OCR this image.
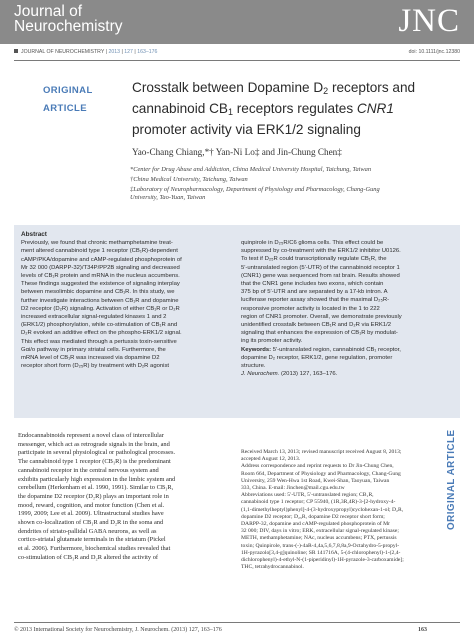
Journal of
Neurochemistry	JNC
JOURNAL OF NEUROCHEMISTRY | 2013 | 127 | 163–176	doi: 10.1111/jnc.12380
ORIGINAL
ARTICLE
Crosstalk between Dopamine $D_2$ receptors and
cannabinoid $CB_1$ receptors regulates CNR1
promoter activity via ERK1/2 signaling
Yao-Chang Chiang,*† Yan-Ni Lo‡ and Jin-Chung Chen‡
*Center for Drug Abuse and Addiction, China Medical University Hospital, Taichung, Taiwan
†China Medical University, Taichung, Taiwan
‡Laboratory of Neuropharmacology, Department of Physiology and Pharmacology, Chang-Gung
University, Tao-Yuan, Taiwan
Abstract
Previously, we found that chronic methamphetamine treat-
ment altered cannabinoid type 1 receptor (CB₁R)-dependent
cAMP/PKA/dopamine and cAMP-regulated phosphoprotein of
Mr 32 000 (DARPP-32)/T34P/PP2B signaling and decreased
levels of CB₁R protein and mRNA in the nucleus accumbens.
These findings suggested the existence of signaling interplay
between mesolimbic dopamine and CB₁R. In this study, we
further investigate interactions between CB₁R and dopamine
D2 receptor (D₂R) signaling. Activation of either CB₁R or D₂R
increased extracellular signal-regulated kinases 1 and 2
(ERK1/2) phosphorylation, while co-stimulation of CB₁R and
D₂R evoked an additive effect on the phospho-ERK1/2 signal.
This effect was mediated through a pertussis toxin-sensitive
Gαi/o pathway in primary striatal cells. Furthermore, the
mRNA level of CB₁R was increased via dopamine D2
receptor short form (D₂₅R) by treatment with D₂R agonist
quinpirole in D₂₅R/C6 glioma cells. This effect could be
suppressed by co-treatment with the ERK1/2 inhibitor U0126.
To test if D₂₅R could transcriptionally regulate CB₁R, the
5′-untranslated region (5′-UTR) of the cannabinoid receptor 1
(CNR1) gene was sequenced from rat brain. Results showed
that the CNR1 gene includes two exons, which contain
375 bp of 5′-UTR and are separated by a 17-kb intron. A
luciferase reporter assay showed that the maximal D₂₅R-
responsive promoter activity is located in the 1 to 222
region of CNR1 promoter. Overall, we demonstrate previously
unidentified crosstalk between CB₁R and D₂R via ERK1/2
signaling that enhances the expression of CB₁R by modulat-
ing its promoter activity.
Keywords: 5′-untranslated region, cannabinoid CB₁ receptor,
dopamine D₂ receptor, ERK1/2, gene regulation, promoter
structure.
J. Neurochem. (2013) 127, 163–176.
Endocannabinoids represent a novel class of intercellular
messenger, which act as retrograde signals in the brain, and
participate in several physiological or pathological processes.
The cannabinoid type 1 receptor (CB₁R) is the predominant
cannabinoid receptor in the central nervous system and
exhibits particularly high expression in the limbic system and
cerebellum (Herkenham et al. 1990, 1991). Similar to CB₁R,
the dopamine D2 receptor (D₂R) plays an important role in
mood, reward, cognition, and motor function (Chen et al.
1999, 2009; Lee et al. 2009). Ultrastructural studies have
shown co-localization of CB₁R and D₂R in the soma and
dendrites of striato-pallidal GABA neurons, as well as
cortico-striatal glutamate terminals in the striatum (Pickel
et al. 2006). Furthermore, biochemical studies revealed that
co-stimulation of CB₁R and D₂R altered the activity of
Received March 13, 2013; revised manuscript received August 8, 2013;
accepted August 12, 2013.
Address correspondence and reprint requests to Dr Jin-Chung Chen,
Room 664, Department of Physiology and Pharmacology, Chang-Gung
University, 259 Wen-Hwa 1st Road, Kwei-Shan, Taoyuan, Taiwan
333, China. E-mail: Jinchen@mail.cgu.edu.tw
Abbreviations used: 5′-UTR, 5′-untranslated region; CB₁R,
cannabinoid type 1 receptor; CP 55940, (1R,3R,4R)-3-[2-hydroxy-4-
(1,1-dimethylheptyl)phenyl]-4-(3-hydroxypropyl)cyclohexan-1-ol; D₂R,
dopamine D2 receptor; D₂₅R, dopamine D2 receptor short form;
DARPP-32, dopamine and cAMP-regulated phosphoprotein of Mr
32 000; DIV, days in vitro; ERK, extracellular signal-regulated kinase;
METH, methamphetamine; NAc, nucleus accumbens; PTX, pertussis
toxin; Quinpirole, trans-(-)-4aR-4,4a,5,6,7,8,8a,9-Octahydro-5-propyl-
1H-pyrazolo[3,4-g]quinoline; SR 141716A, 5-(4-chlorophenyl)-1-(2,4-
dichlorophenyl)-4-ethyl-N-(1-piperidinyl)-1H-pyrazole-3-carboxamide];
THC, tetrahydrocannabinol.
ORIGINAL ARTICLE
© 2013 International Society for Neurochemistry, J. Neurochem. (2013) 127, 163–176	163
